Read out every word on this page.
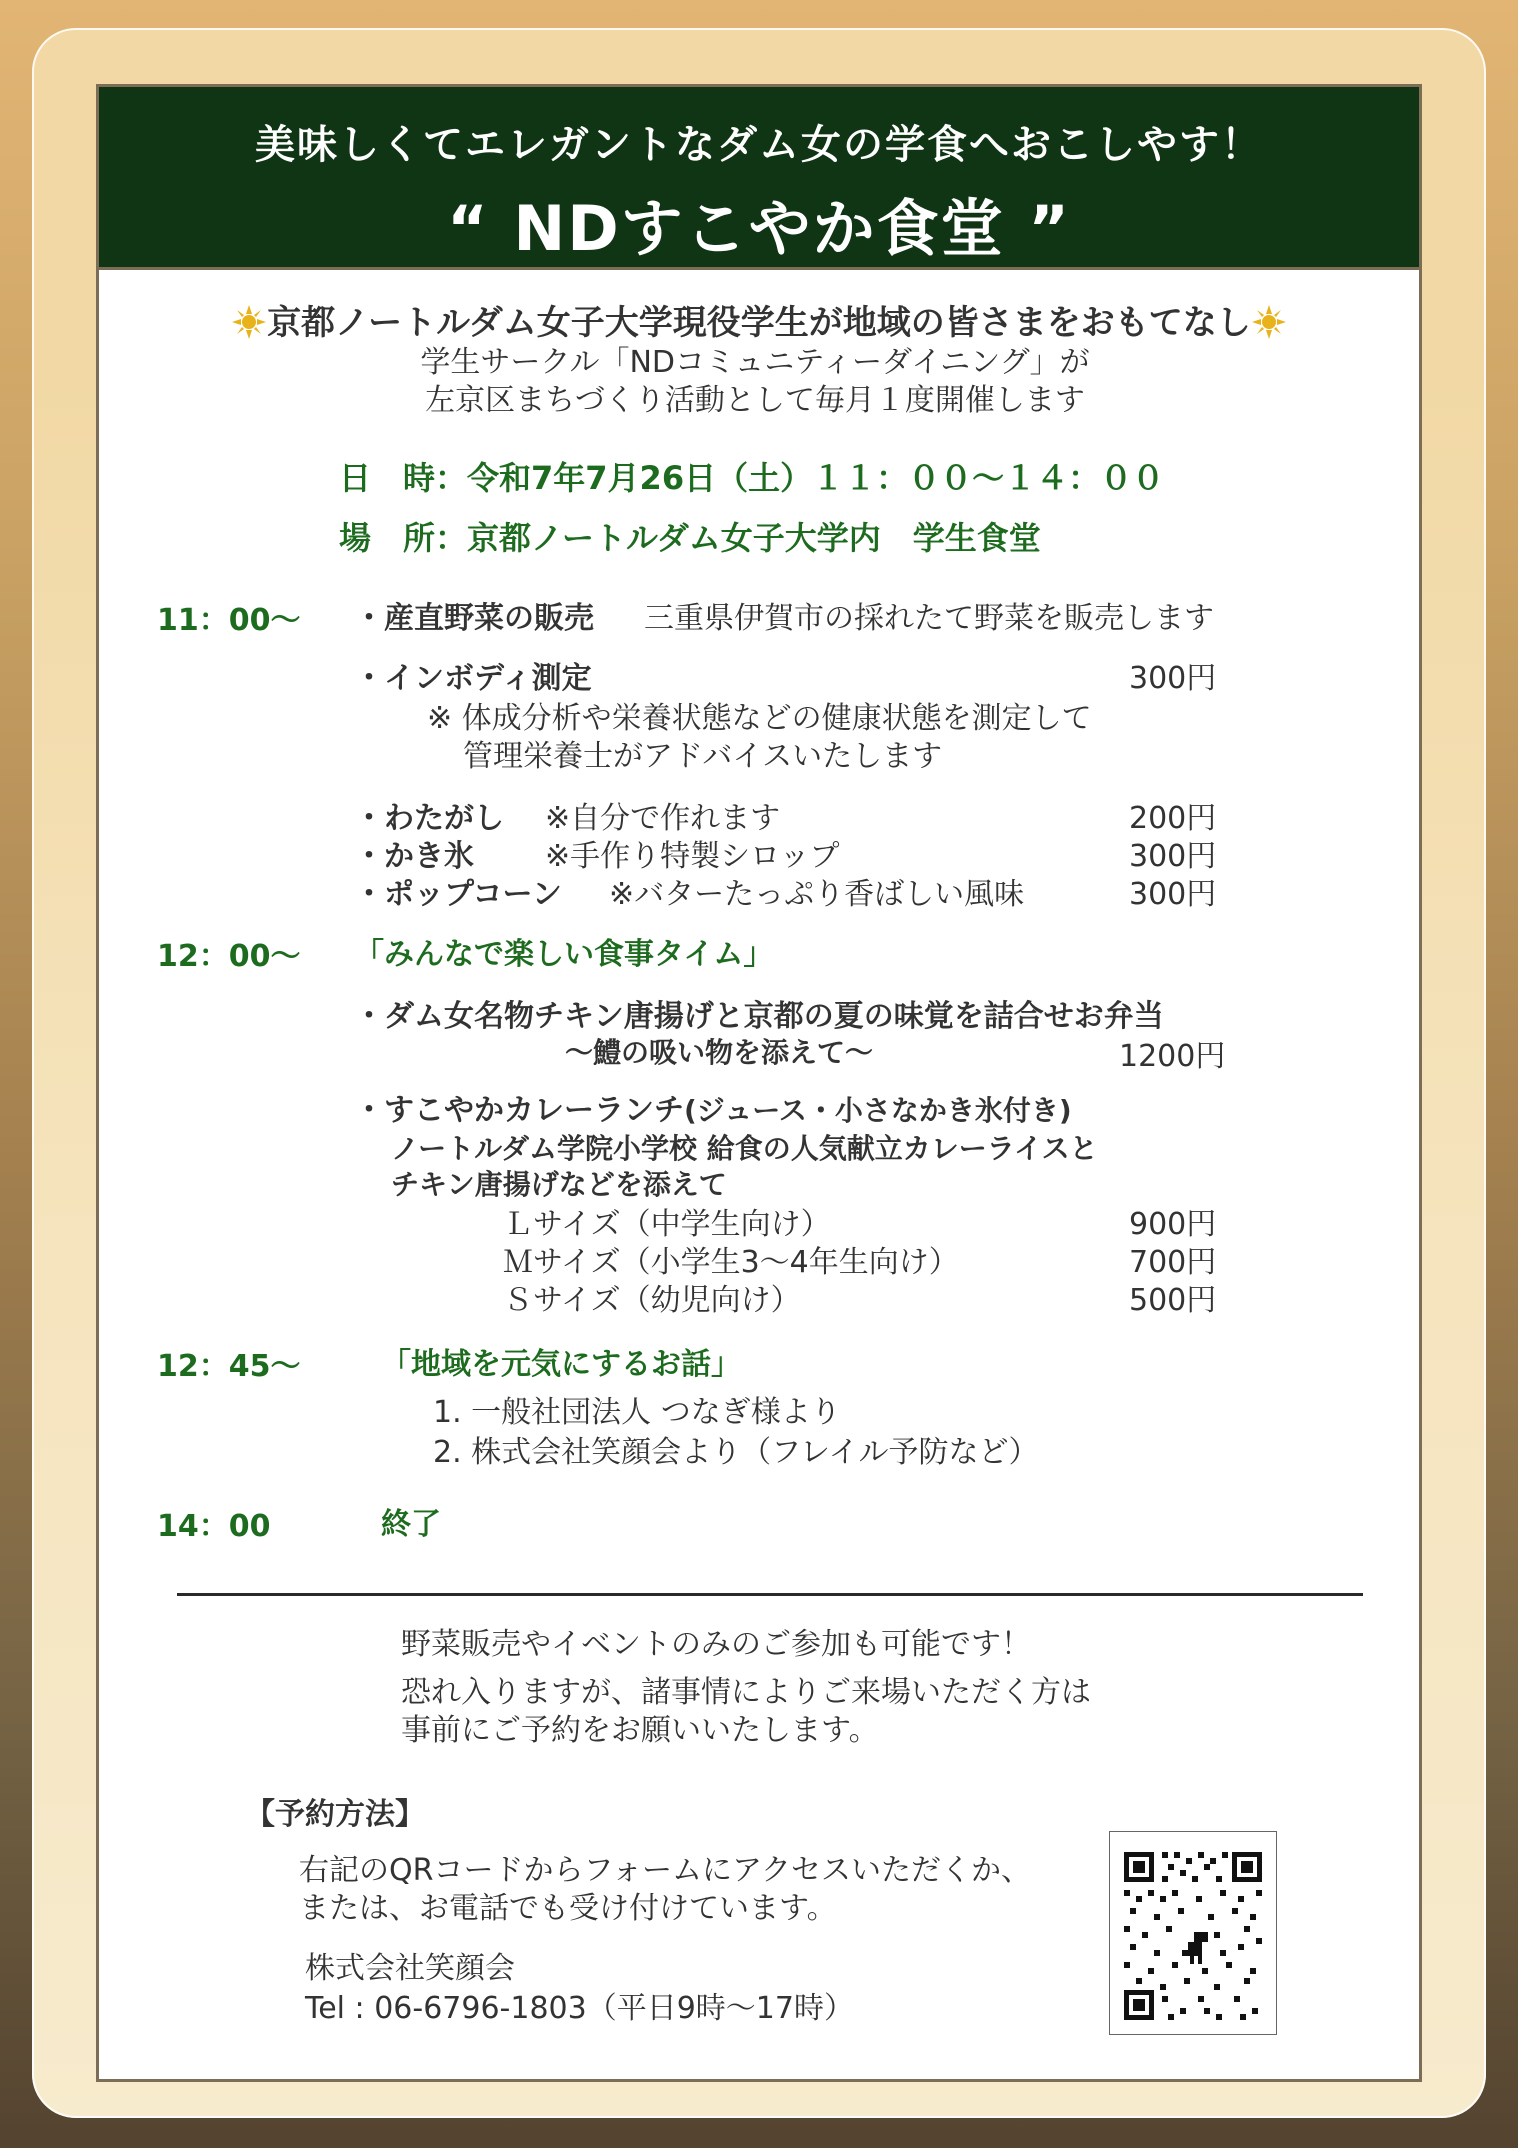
美味しくてエレガントなダム女の学食へおこしやす！
“ NDすこやか食堂 ”
京都ノートルダム女子大学現役学生が地域の皆さまをおもてなし
学生サークル「NDコミュニティーダイニング」が
左京区まちづくり活動として毎月１度開催します
日　時：令和7年7月26日（土）１１：００～１４：００
場　所：京都ノートルダム女子大学内　学生食堂
11：00～ ・産直野菜の販売 三重県伊賀市の採れたて野菜を販売します
・インボディ測定	300円
※ 体成分析や栄養状態などの健康状態を測定して
管理栄養士がアドバイスいたします
・わたがし ※自分で作れます	200円
・かき氷 ※手作り特製シロップ	300円
・ポップコーン ※バターたっぷり香ばしい風味	300円
12：00～ 「みんなで楽しい食事タイム」
・ダム女名物チキン唐揚げと京都の夏の味覚を詰合せお弁当
～鱧の吸い物を添えて～	1200円
・すこやかカレーランチ(ジュース・小さなかき氷付き)
ノートルダム学院小学校 給食の人気献立カレーライスと
チキン唐揚げなどを添えて
Ｌサイズ（中学生向け）	900円
Ｍサイズ（小学生3～4年生向け）	700円
Ｓサイズ（幼児向け）	500円
12：45～	「地域を元気にするお話」
1. 一般社団法人 つなぎ様より
2. 株式会社笑顔会より（フレイル予防など）
14：00	終了
野菜販売やイベントのみのご参加も可能です！
恐れ入りますが、諸事情によりご来場いただく方は
事前にご予約をお願いいたします。
【予約方法】
右記のQRコードからフォームにアクセスいただくか、
または、お電話でも受け付けています。
株式会社笑顔会
Tel : 06-6796-1803（平日9時～17時）
